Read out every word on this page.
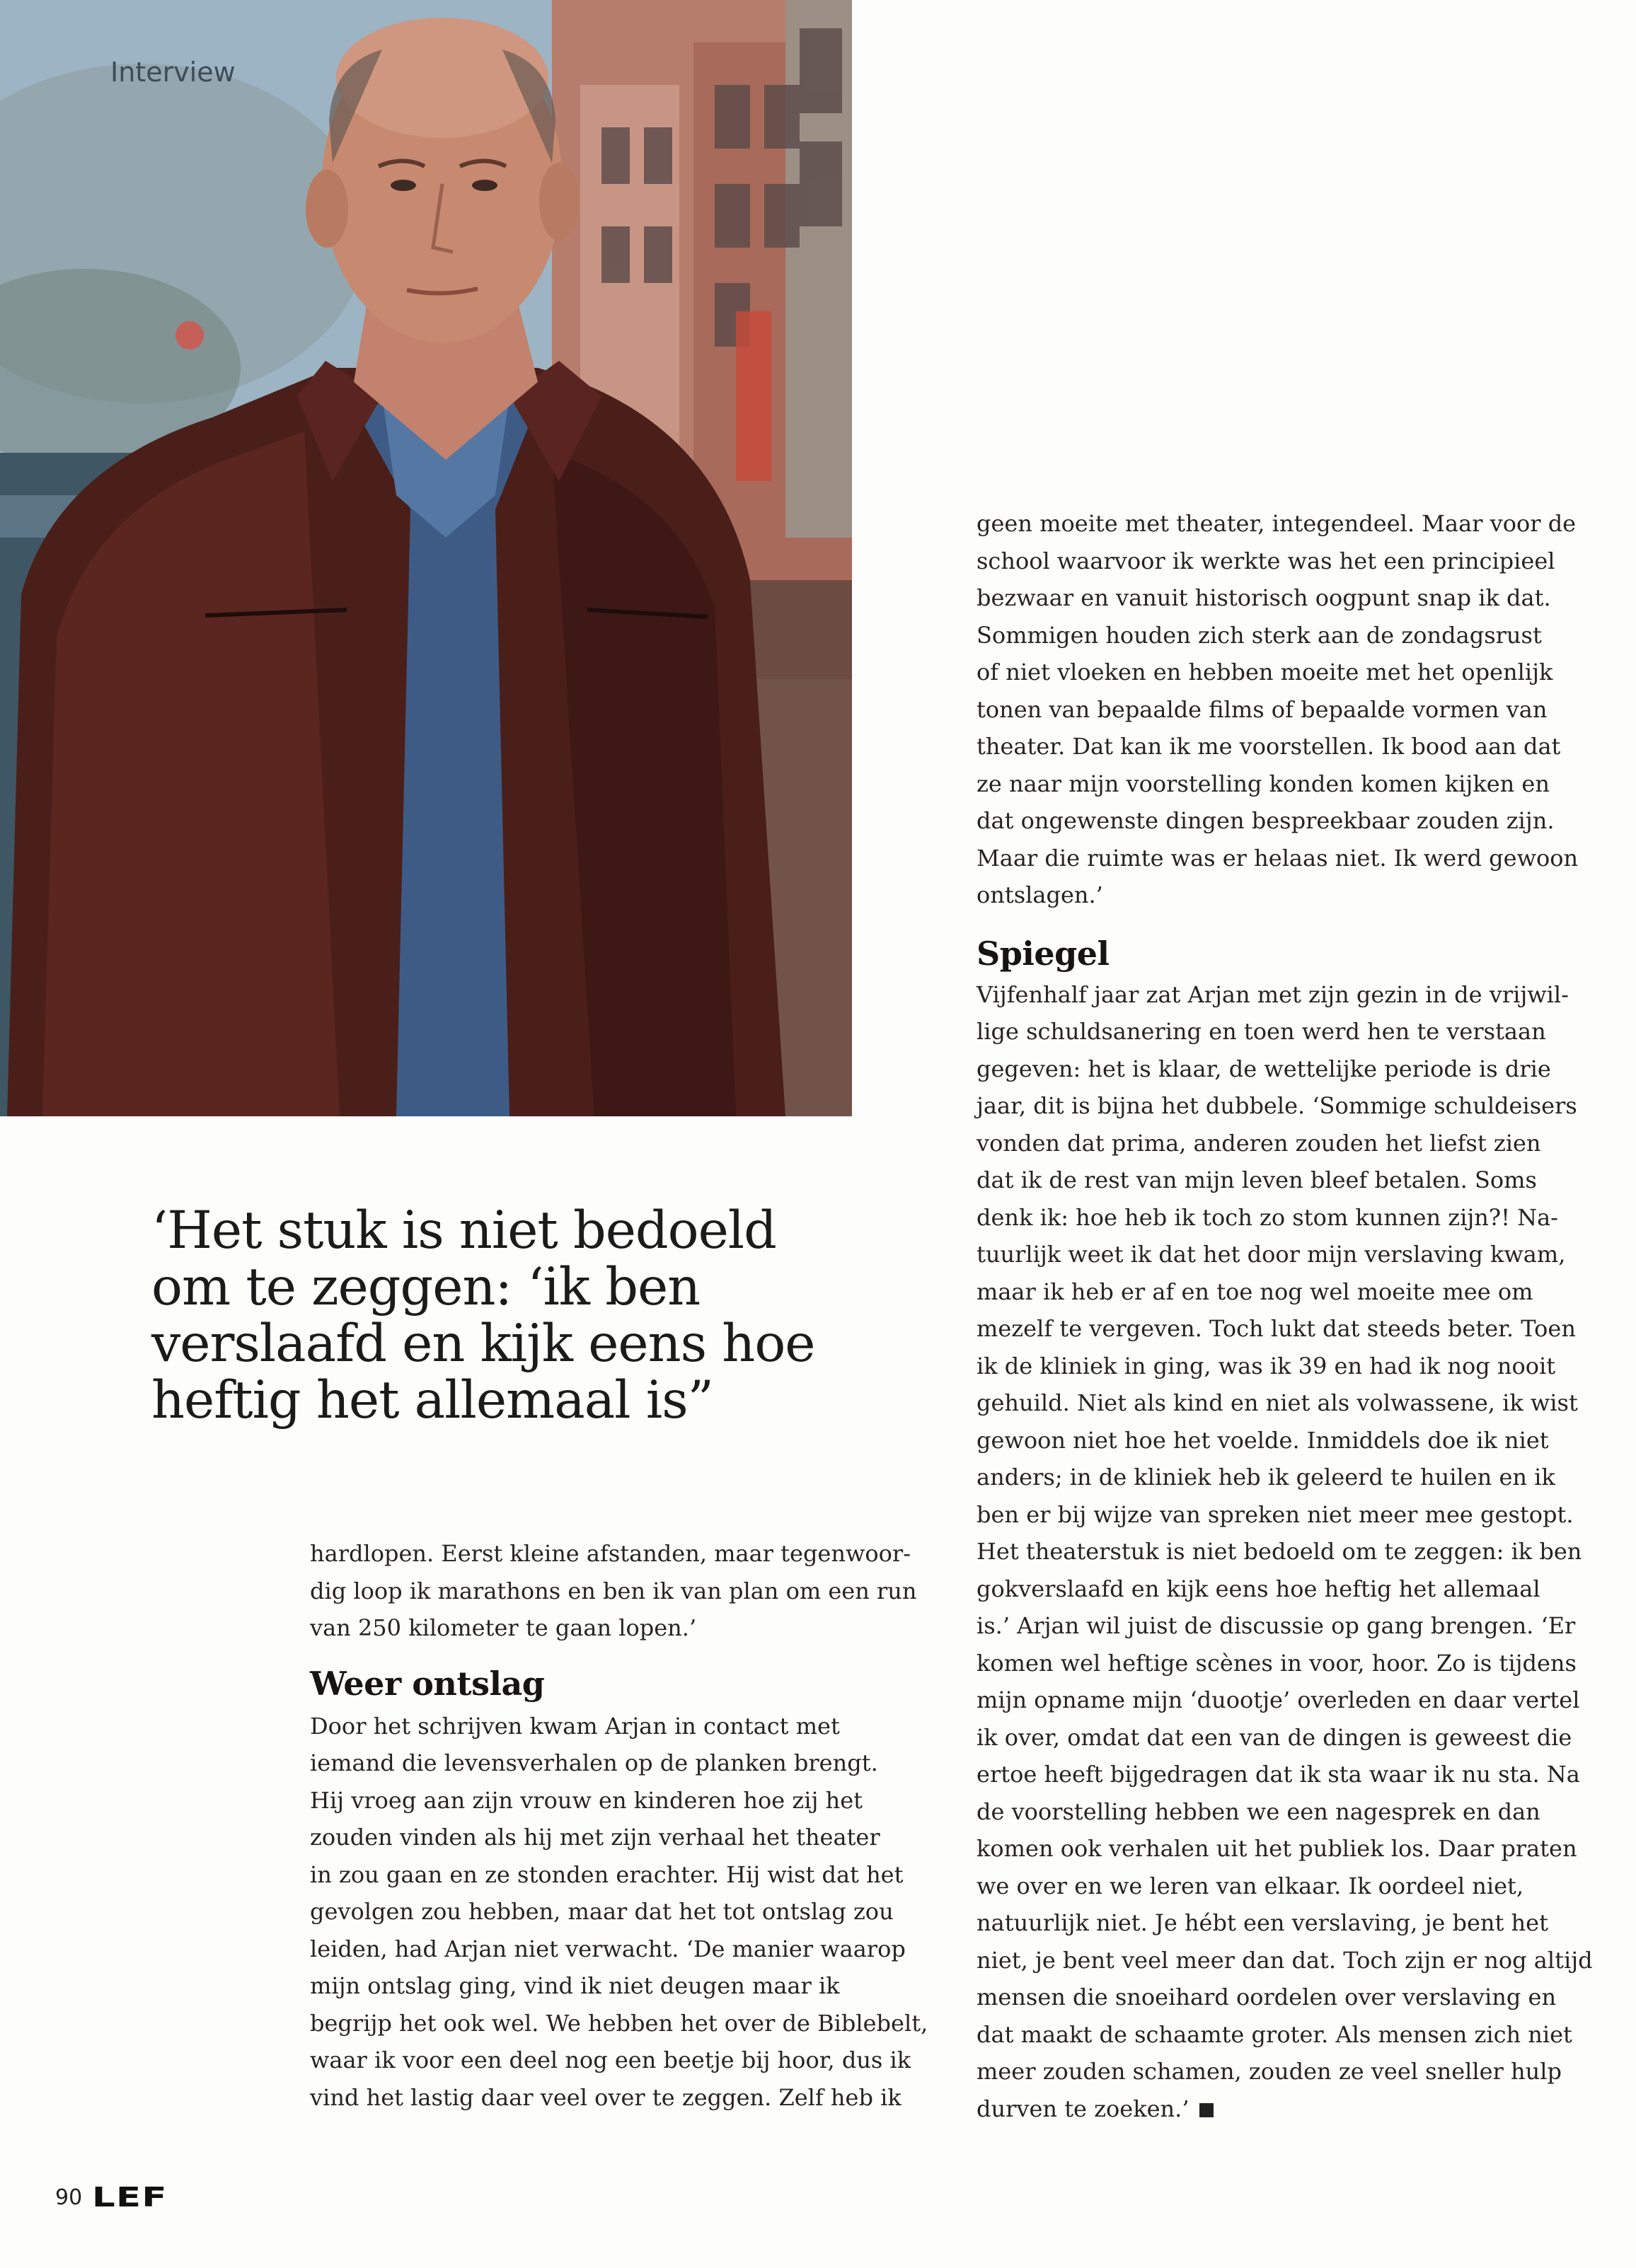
Interview
‘Het stuk is niet bedoeld
om te zeggen: ‘ik ben
verslaafd en kijk eens hoe
heftig het allemaal is”
hardlopen. Eerst kleine afstanden, maar tegenwoor-
dig loop ik marathons en ben ik van plan om een run
van 250 kilometer te gaan lopen.’
Weer ontslag
Door het schrijven kwam Arjan in contact met
iemand die levensverhalen op de planken brengt.
Hij vroeg aan zijn vrouw en kinderen hoe zij het
zouden vinden als hij met zijn verhaal het theater
in zou gaan en ze stonden erachter. Hij wist dat het
gevolgen zou hebben, maar dat het tot ontslag zou
leiden, had Arjan niet verwacht. ‘De manier waarop
mijn ontslag ging, vind ik niet deugen maar ik
begrijp het ook wel. We hebben het over de Biblebelt,
waar ik voor een deel nog een beetje bij hoor, dus ik
vind het lastig daar veel over te zeggen. Zelf heb ik
geen moeite met theater, integendeel. Maar voor de
school waarvoor ik werkte was het een principieel
bezwaar en vanuit historisch oogpunt snap ik dat.
Sommigen houden zich sterk aan de zondagsrust
of niet vloeken en hebben moeite met het openlijk
tonen van bepaalde films of bepaalde vormen van
theater. Dat kan ik me voorstellen. Ik bood aan dat
ze naar mijn voorstelling konden komen kijken en
dat ongewenste dingen bespreekbaar zouden zijn.
Maar die ruimte was er helaas niet. Ik werd gewoon
ontslagen.’
Spiegel
Vijfenhalf jaar zat Arjan met zijn gezin in de vrijwil-
lige schuldsanering en toen werd hen te verstaan
gegeven: het is klaar, de wettelijke periode is drie
jaar, dit is bijna het dubbele. ‘Sommige schuldeisers
vonden dat prima, anderen zouden het liefst zien
dat ik de rest van mijn leven bleef betalen. Soms
denk ik: hoe heb ik toch zo stom kunnen zijn?! Na-
tuurlijk weet ik dat het door mijn verslaving kwam,
maar ik heb er af en toe nog wel moeite mee om
mezelf te vergeven. Toch lukt dat steeds beter. Toen
ik de kliniek in ging, was ik 39 en had ik nog nooit
gehuild. Niet als kind en niet als volwassene, ik wist
gewoon niet hoe het voelde. Inmiddels doe ik niet
anders; in de kliniek heb ik geleerd te huilen en ik
ben er bij wijze van spreken niet meer mee gestopt.
Het theaterstuk is niet bedoeld om te zeggen: ik ben
gokverslaafd en kijk eens hoe heftig het allemaal
is.’ Arjan wil juist de discussie op gang brengen. ‘Er
komen wel heftige scènes in voor, hoor. Zo is tijdens
mijn opname mijn ‘duootje’ overleden en daar vertel
ik over, omdat dat een van de dingen is geweest die
ertoe heeft bijgedragen dat ik sta waar ik nu sta. Na
de voorstelling hebben we een nagesprek en dan
komen ook verhalen uit het publiek los. Daar praten
we over en we leren van elkaar. Ik oordeel niet,
natuurlijk niet. Je hébt een verslaving, je bent het
niet, je bent veel meer dan dat. Toch zijn er nog altijd
mensen die snoeihard oordelen over verslaving en
dat maakt de schaamte groter. Als mensen zich niet
meer zouden schamen, zouden ze veel sneller hulp
durven te zoeken.’
90 LEF
